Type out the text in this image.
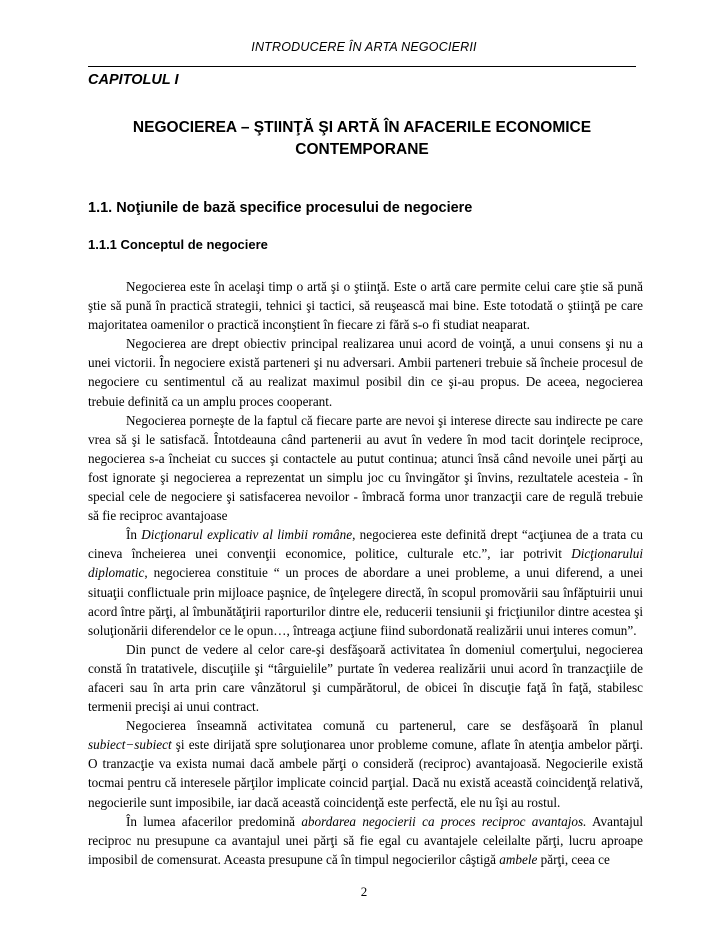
INTRODUCERE ÎN ARTA NEGOCIERII
CAPITOLUL I
NEGOCIEREA – ŞTIINŢĂ ŞI ARTĂ ÎN AFACERILE ECONOMICE
CONTEMPORANE
1.1. Noţiunile de bază specifice procesului de negociere
1.1.1 Conceptul de negociere

Negocierea este în acelaşi timp o artă şi o ştiinţă. Este o artă care permite celui care ştie să pună ştie să pună în practică strategii, tehnici şi tactici, să reuşească mai bine. Este totodată o ştiinţă pe care majoritatea oamenilor o practică inconştient în fiecare zi fără s-o fi studiat neaparat.

Negocierea are drept obiectiv principal realizarea unui acord de voinţă, a unui consens şi nu a unei victorii. În negociere există parteneri şi nu adversari. Ambii parteneri trebuie să încheie procesul de negociere cu sentimentul că au realizat maximul posibil din ce şi-au propus. De aceea, negocierea trebuie definită ca un amplu proces cooperant.

Negocierea porneşte de la faptul că fiecare parte are nevoi şi interese directe sau indirecte pe care vrea să şi le satisfacă. Întotdeauna când partenerii au avut în vedere în mod tacit dorinţele reciproce, negocierea s-a încheiat cu succes şi contactele au putut continua; atunci însă când nevoile unei părţi au fost ignorate şi negocierea a reprezentat un simplu joc cu învingător şi învins, rezultatele acesteia - în special cele de negociere şi satisfacerea nevoilor - îmbracă forma unor tranzacţii care de regulă trebuie să fie reciproc avantajoase

În Dicţionarul explicativ al limbii române, negocierea este definită drept “acţiunea de a trata cu cineva încheierea unei convenţii economice, politice, culturale etc.”, iar potrivit Dicţionarului diplomatic, negocierea constituie “ un proces de abordare a unei probleme, a unui diferend, a unei situaţii conflictuale prin mijloace paşnice, de înţelegere directă, în scopul promovării sau înfăptuirii unui acord între părţi, al îmbunătăţirii raporturilor dintre ele, reducerii tensiunii şi fricţiunilor dintre acestea şi soluţionării diferendelor ce le opun…, întreaga acţiune fiind subordonată realizării unui interes comun”.

Din punct de vedere al celor care-şi desfăşoară activitatea în domeniul comerţului, negocierea constă în tratativele, discuţiile şi “târguielile” purtate în vederea realizării unui acord în tranzacţiile de afaceri sau în arta prin care vânzătorul şi cumpărătorul, de obicei în discuţie faţă în faţă, stabilesc termenii precişi ai unui contract.

Negocierea înseamnă activitatea comună cu partenerul, care se desfăşoară în planul subiect−subiect şi este dirijată spre soluţionarea unor probleme comune, aflate în atenţia ambelor părţi. O tranzacţie va exista numai dacă ambele părţi o consideră (reciproc) avantajoasă. Negocierile există tocmai pentru că interesele părţilor implicate coincid parţial. Dacă nu există această coincidenţă relativă, negocierile sunt imposibile, iar dacă această coincidenţă este perfectă, ele nu îşi au rostul.

În lumea afacerilor predomină abordarea negocierii ca proces reciproc avantajos. Avantajul reciproc nu presupune ca avantajul unei părţi să fie egal cu avantajele celeilalte părţi, lucru aproape imposibil de comensurat. Aceasta presupune că în timpul negocierilor câştigă ambele părţi, ceea ce

2
